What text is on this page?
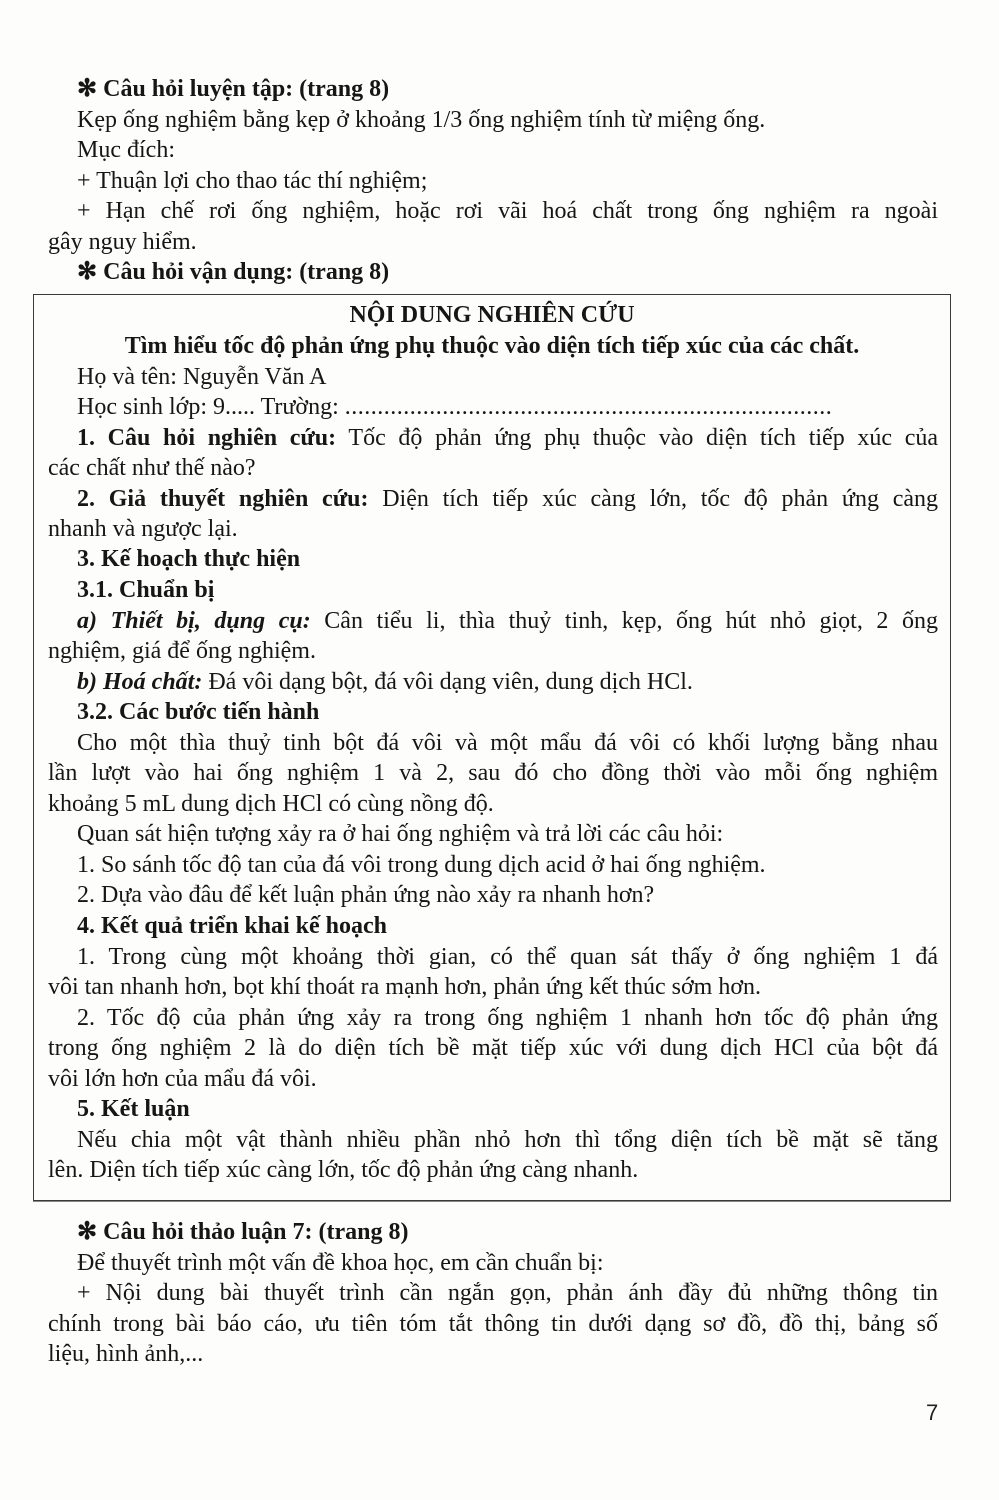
✻ Câu hỏi luyện tập: (trang 8)
Kẹp ống nghiệm bằng kẹp ở khoảng 1/3 ống nghiệm tính từ miệng ống.
Mục đích:
+ Thuận lợi cho thao tác thí nghiệm;
+ Hạn chế rơi ống nghiệm, hoặc rơi vãi hoá chất trong ống nghiệm ra ngoài
gây nguy hiểm.
✻ Câu hỏi vận dụng: (trang 8)
NỘI DUNG NGHIÊN CỨU
Tìm hiểu tốc độ phản ứng phụ thuộc vào diện tích tiếp xúc của các chất.
Họ và tên: Nguyễn Văn A
Học sinh lớp: 9..... Trường: ...........................................................................
1. Câu hỏi nghiên cứu: Tốc độ phản ứng phụ thuộc vào diện tích tiếp xúc của
các chất như thế nào?
2. Giả thuyết nghiên cứu: Diện tích tiếp xúc càng lớn, tốc độ phản ứng càng
nhanh và ngược lại.
3. Kế hoạch thực hiện
3.1. Chuẩn bị
a) Thiết bị, dụng cụ: Cân tiểu li, thìa thuỷ tinh, kẹp, ống hút nhỏ giọt, 2 ống
nghiệm, giá để ống nghiệm.
b) Hoá chất: Đá vôi dạng bột, đá vôi dạng viên, dung dịch HCl.
3.2. Các bước tiến hành
Cho một thìa thuỷ tinh bột đá vôi và một mẩu đá vôi có khối lượng bằng nhau
lần lượt vào hai ống nghiệm 1 và 2, sau đó cho đồng thời vào mỗi ống nghiệm
khoảng 5 mL dung dịch HCl có cùng nồng độ.
Quan sát hiện tượng xảy ra ở hai ống nghiệm và trả lời các câu hỏi:
1. So sánh tốc độ tan của đá vôi trong dung dịch acid ở hai ống nghiệm.
2. Dựa vào đâu để kết luận phản ứng nào xảy ra nhanh hơn?
4. Kết quả triển khai kế hoạch
1. Trong cùng một khoảng thời gian, có thể quan sát thấy ở ống nghiệm 1 đá
vôi tan nhanh hơn, bọt khí thoát ra mạnh hơn, phản ứng kết thúc sớm hơn.
2. Tốc độ của phản ứng xảy ra trong ống nghiệm 1 nhanh hơn tốc độ phản ứng
trong ống nghiệm 2 là do diện tích bề mặt tiếp xúc với dung dịch HCl của bột đá
vôi lớn hơn của mẩu đá vôi.
5. Kết luận
Nếu chia một vật thành nhiều phần nhỏ hơn thì tổng diện tích bề mặt sẽ tăng
lên. Diện tích tiếp xúc càng lớn, tốc độ phản ứng càng nhanh.
✻ Câu hỏi thảo luận 7: (trang 8)
Để thuyết trình một vấn đề khoa học, em cần chuẩn bị:
+ Nội dung bài thuyết trình cần ngắn gọn, phản ánh đầy đủ những thông tin
chính trong bài báo cáo, ưu tiên tóm tắt thông tin dưới dạng sơ đồ, đồ thị, bảng số
liệu, hình ảnh,...
7
